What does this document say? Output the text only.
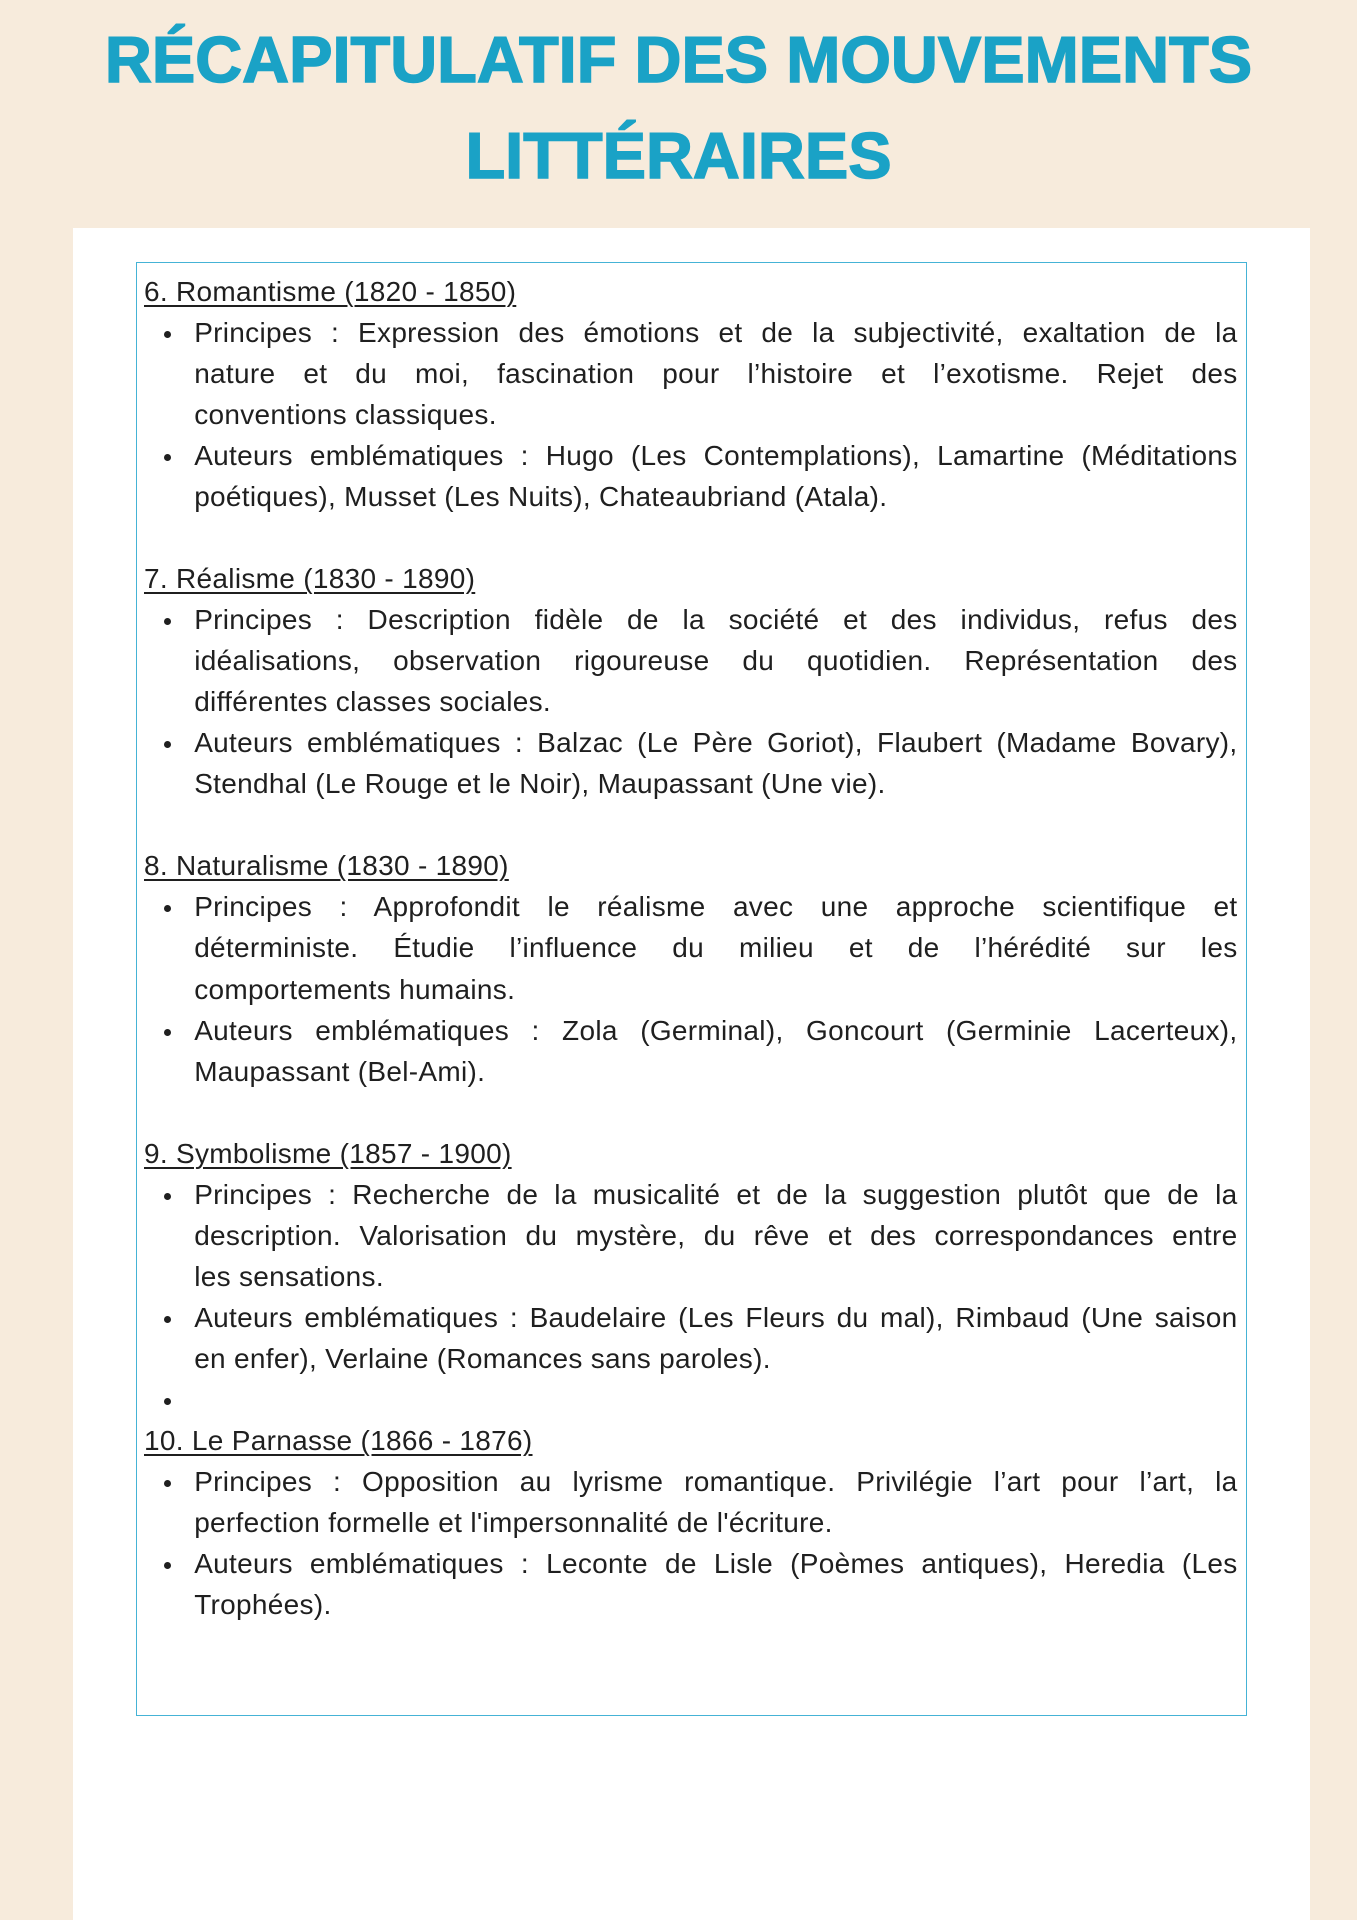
RÉCAPITULATIF DES MOUVEMENTS LITTÉRAIRES
6. Romantisme (1820 - 1850)
Principes : Expression des émotions et de la subjectivité, exaltation de la
nature et du moi, fascination pour l’histoire et l’exotisme. Rejet des
conventions classiques.
Auteurs emblématiques : Hugo (Les Contemplations), Lamartine (Méditations
poétiques), Musset (Les Nuits), Chateaubriand (Atala).
7. Réalisme (1830 - 1890)
Principes : Description fidèle de la société et des individus, refus des
idéalisations, observation rigoureuse du quotidien. Représentation des
différentes classes sociales.
Auteurs emblématiques : Balzac (Le Père Goriot), Flaubert (Madame Bovary),
Stendhal (Le Rouge et le Noir), Maupassant (Une vie).
8. Naturalisme (1830 - 1890)
Principes : Approfondit le réalisme avec une approche scientifique et
déterministe. Étudie l’influence du milieu et de l’hérédité sur les
comportements humains.
Auteurs emblématiques : Zola (Germinal), Goncourt (Germinie Lacerteux),
Maupassant (Bel-Ami).
9. Symbolisme (1857 - 1900)
Principes : Recherche de la musicalité et de la suggestion plutôt que de la
description. Valorisation du mystère, du rêve et des correspondances entre
les sensations.
Auteurs emblématiques : Baudelaire (Les Fleurs du mal), Rimbaud (Une saison
en enfer), Verlaine (Romances sans paroles).
10. Le Parnasse (1866 - 1876)
Principes : Opposition au lyrisme romantique. Privilégie l’art pour l’art, la
perfection formelle et l'impersonnalité de l'écriture.
Auteurs emblématiques : Leconte de Lisle (Poèmes antiques), Heredia (Les
Trophées).
